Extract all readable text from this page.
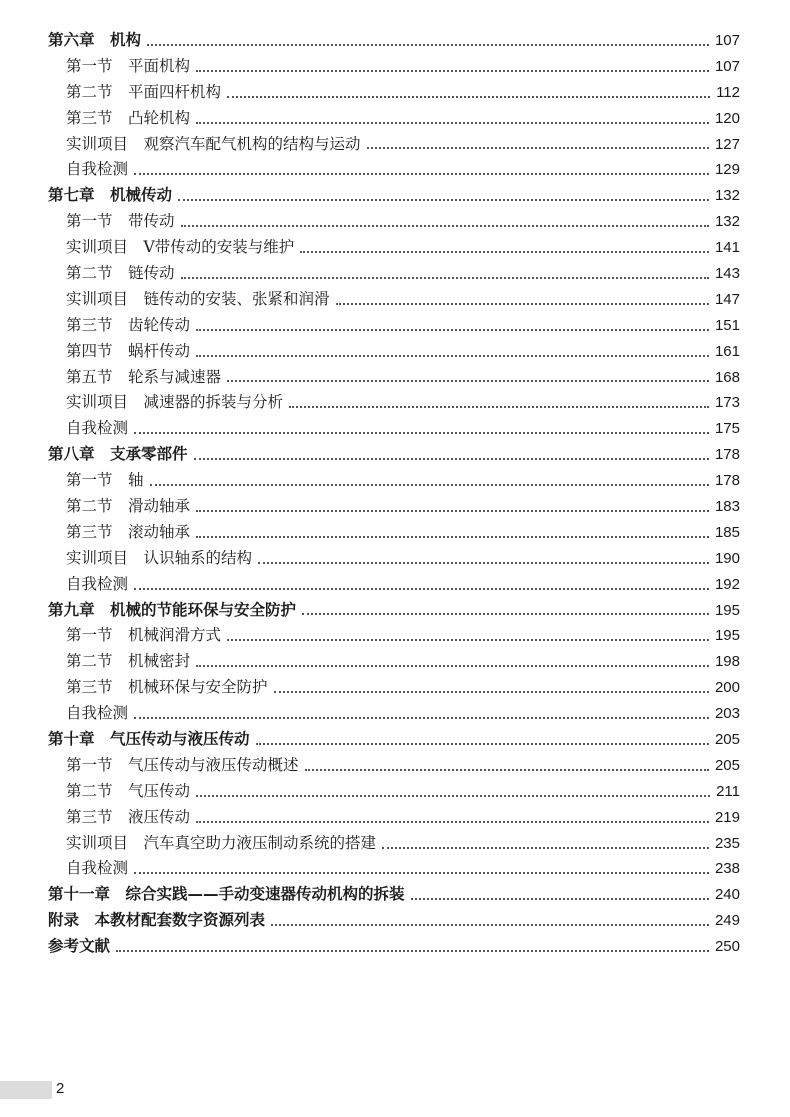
第六章　机构	107
第一节　平面机构	107
第二节　平面四杆机构	112
第三节　凸轮机构	120
实训项目　观察汽车配气机构的结构与运动	127
自我检测	129
第七章　机械传动	132
第一节　带传动	132
实训项目　V带传动的安装与维护	141
第二节　链传动	143
实训项目　链传动的安装、张紧和润滑	147
第三节　齿轮传动	151
第四节　蜗杆传动	161
第五节　轮系与减速器	168
实训项目　减速器的拆装与分析	173
自我检测	175
第八章　支承零部件	178
第一节　轴	178
第二节　滑动轴承	183
第三节　滚动轴承	185
实训项目　认识轴系的结构	190
自我检测	192
第九章　机械的节能环保与安全防护	195
第一节　机械润滑方式	195
第二节　机械密封	198
第三节　机械环保与安全防护	200
自我检测	203
第十章　气压传动与液压传动	205
第一节　气压传动与液压传动概述	205
第二节　气压传动	211
第三节　液压传动	219
实训项目　汽车真空助力液压制动系统的搭建	235
自我检测	238
第十一章　综合实践——手动变速器传动机构的拆装	240
附录　本教材配套数字资源列表	249
参考文献	250
2
